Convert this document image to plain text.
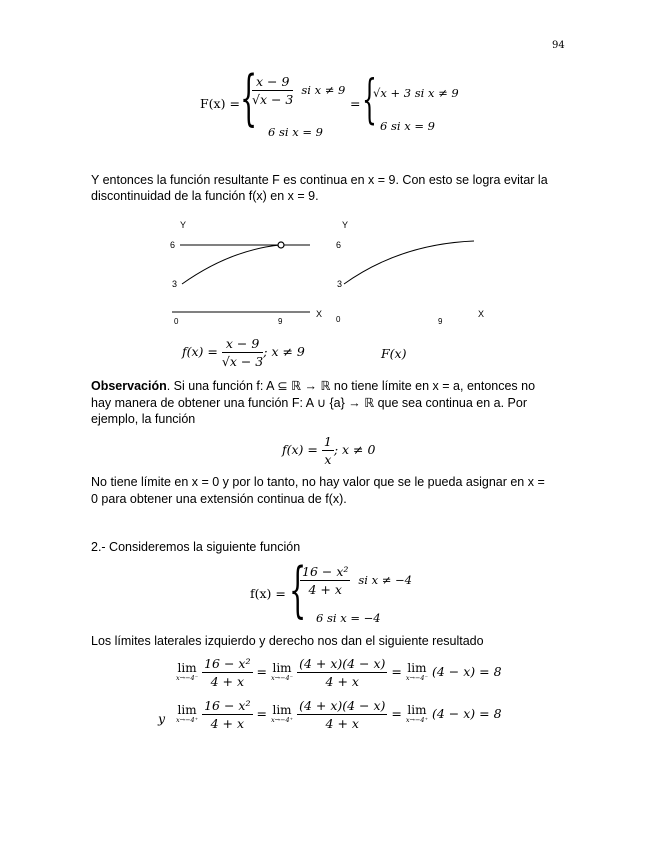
94
F(x) = {
$\frac{x - 9}{√x - 3}$ si x ≠ 9
6 si x = 9
= {
√x + 3 si x ≠ 9
6 si x = 9
Y entonces la función resultante F es continua en x = 9. Con esto se logra evitar la discontinuidad de la función f(x) en x = 9.
Y
6
3
X
0	9
Y
6
3
X
0	9
$f(x) = \frac{x - 9}{√x - 3}$ ; x ≠ 9	F(x)
Observación. Si una función f: A ⊆ ℝ → ℝ no tiene límite en x = a, entonces no
hay manera de obtener una función F: A ∪ {a} → ℝ que sea continua en a. Por
ejemplo, la función
$f(x) = \frac{1}{x}$ ; x ≠ 0
No tiene límite en x = 0 y por lo tanto, no hay valor que se le pueda asignar en x =
0 para obtener una extensión continua de f(x).
2.- Consideremos la siguiente función
f(x) = {
$\frac{\text{16 − x²}}{4 + x}$ si x ≠ −4
6 si x = −4
Los límites laterales izquierdo y derecho nos dan el siguiente resultado
lim
x→−4⁻
$\frac{\text{16 − x²}}{4 + x} = \lim$
x→−4⁻
$\frac{(4 + x)(4 - x)}{4 + x} = \lim$
x→−4⁻ (4 − x) = 8
y
lim
x→−4⁺
$\frac{\text{16 − x²}}{4 + x} = \lim$
x→−4⁺
$\frac{(4 + x)(4 - x)}{4 + x} = \lim$
x→−4⁺ (4 − x) = 8
